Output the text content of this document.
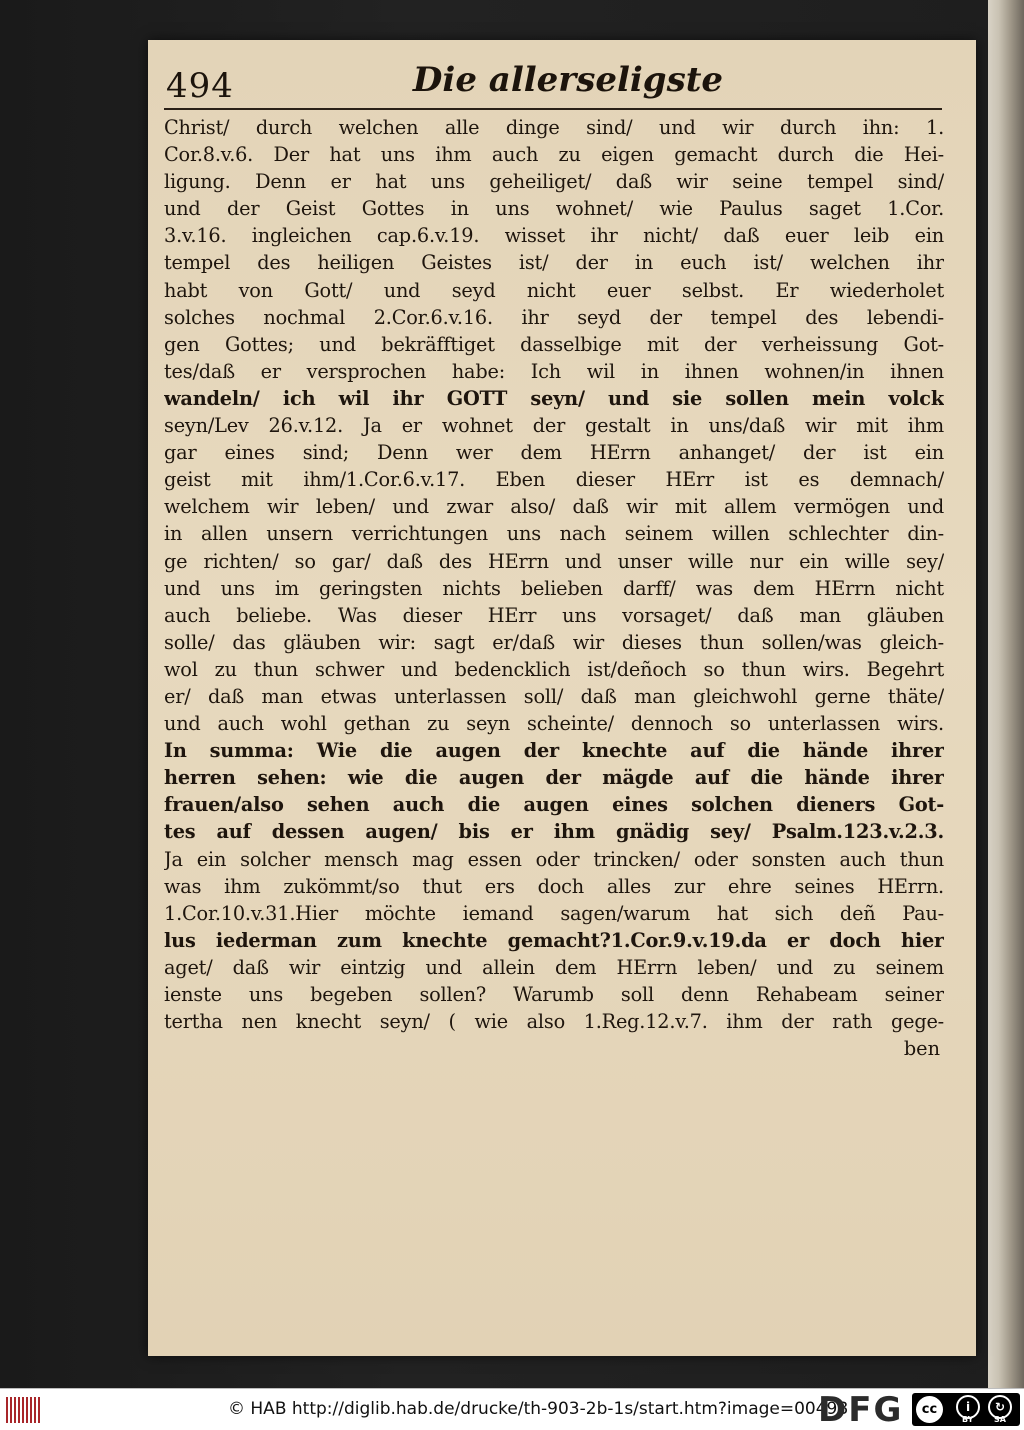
494	Die allerseligste
Christ/ durch welchen alle dinge sind/ und wir durch ihn: 1.
Cor.8.v.6. Der hat uns ihm auch zu eigen gemacht durch die Hei-
ligung. Denn er hat uns geheiliget/ daß wir seine tempel sind/
und der Geist Gottes in uns wohnet/ wie Paulus saget 1.Cor.
3.v.16. ingleichen cap.6.v.19. wisset ihr nicht/ daß euer leib ein
tempel des heiligen Geistes ist/ der in euch ist/ welchen ihr
habt von Gott/ und seyd nicht euer selbst. Er wiederholet
solches nochmal 2.Cor.6.v.16. ihr seyd der tempel des lebendi-
gen Gottes; und bekräfftiget dasselbige mit der verheissung Got-
tes/daß er versprochen habe: Ich wil in ihnen wohnen/in ihnen
wandeln/ ich wil ihr GOTT seyn/ und sie sollen mein volck
seyn/Lev 26.v.12. Ja er wohnet der gestalt in uns/daß wir mit ihm
gar eines sind; Denn wer dem HErrn anhanget/ der ist ein
geist mit ihm/1.Cor.6.v.17. Eben dieser HErr ist es demnach/
welchem wir leben/ und zwar also/ daß wir mit allem vermögen und
in allen unsern verrichtungen uns nach seinem willen schlechter din-
ge richten/ so gar/ daß des HErrn und unser wille nur ein wille sey/
und uns im geringsten nichts belieben darff/ was dem HErrn nicht
auch beliebe. Was dieser HErr uns vorsaget/ daß man gläuben
solle/ das gläuben wir: sagt er/daß wir dieses thun sollen/was gleich-
wol zu thun schwer und bedencklich ist/deñoch so thun wirs. Begehrt
er/ daß man etwas unterlassen soll/ daß man gleichwohl gerne thäte/
und auch wohl gethan zu seyn scheinte/ dennoch so unterlassen wirs.
In summa: Wie die augen der knechte auf die hände ihrer
herren sehen: wie die augen der mägde auf die hände ihrer
frauen/also sehen auch die augen eines solchen dieners Got-
tes auf dessen augen/ bis er ihm gnädig sey/ Psalm.123.v.2.3.
Ja ein solcher mensch mag essen oder trincken/ oder sonsten auch thun
was ihm zukömmt/so thut ers doch alles zur ehre seines HErrn.
1.Cor.10.v.31.Hier möchte iemand sagen/warum hat sich deñ Pau-
lus iederman zum knechte gemacht?1.Cor.9.v.19.da er doch hier
aget/ daß wir eintzig und allein dem HErrn leben/ und zu seinem
ienste uns begeben sollen? Warumb soll denn Rehabeam seiner
tertha nen knecht seyn/ ( wie also 1.Reg.12.v.7. ihm der rath gege-
ben
© HAB http://diglib.hab.de/drucke/th-903-2b-1s/start.htm?image=00498
DFG	cc	i
BY
↻
SA
